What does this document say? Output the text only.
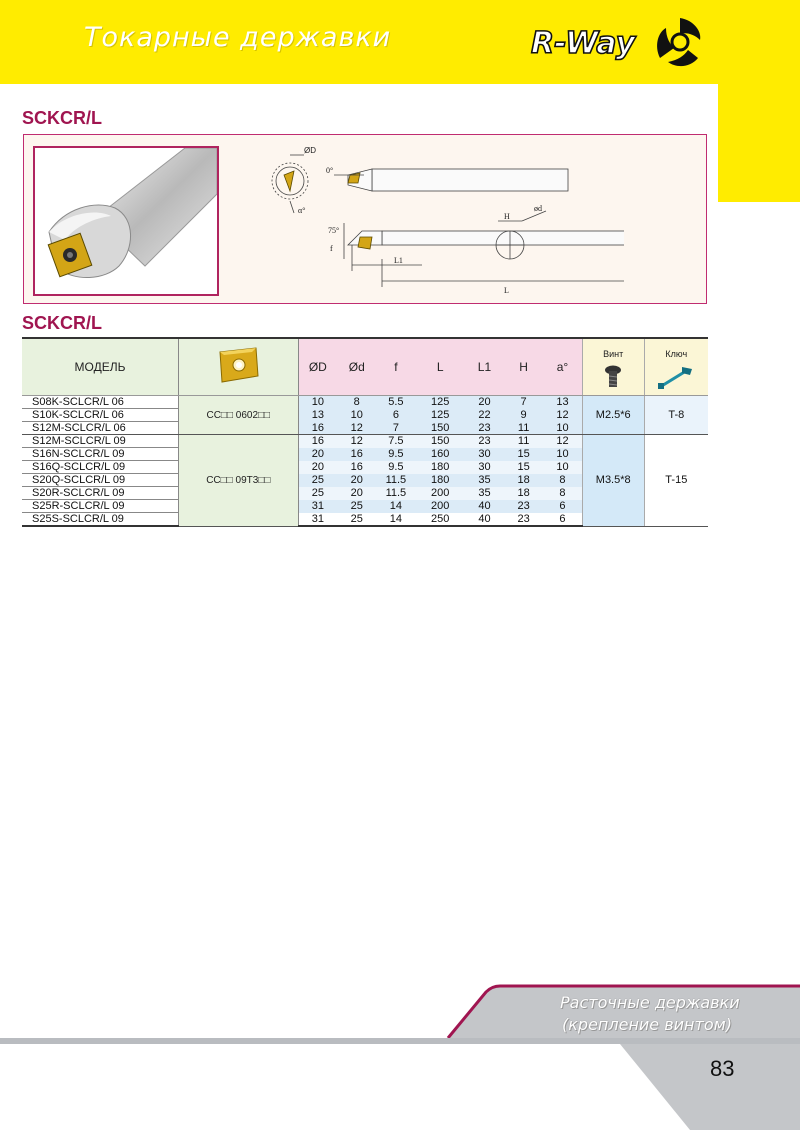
Токарные державки	R-Way
SCKCR/L
ØD
0°
α°
75°
f
H
ød
L1
L
SCKCR/L
МОДЕЛЬ		ØD	Ød	f	L	L1	H	a°	Винт	Ключ

S08K-SCLCR/L 06	CC□□ 0602□□	10	8	5.5	125	20	7	13	M2.5*6	T-8
S10K-SCLCR/L 06		13	10	6	125	22	9	12		
S12M-SCLCR/L 06		16	12	7	150	23	11	10		
S12M-SCLCR/L 09	CC□□ 09T3□□	16	12	7.5	150	23	11	12	M3.5*8	T-15
S16N-SCLCR/L 09		20	16	9.5	160	30	15	10		
S16Q-SCLCR/L 09		20	16	9.5	180	30	15	10		
S20Q-SCLCR/L 09		25	20	11.5	180	35	18	8		
S20R-SCLCR/L 09		25	20	11.5	200	35	18	8		
S25R-SCLCR/L 09		31	25	14	200	40	23	6		
S25S-SCLCR/L 09		31	25	14	250	40	23	6		
Расточные державки
(крепление винтом)
83
